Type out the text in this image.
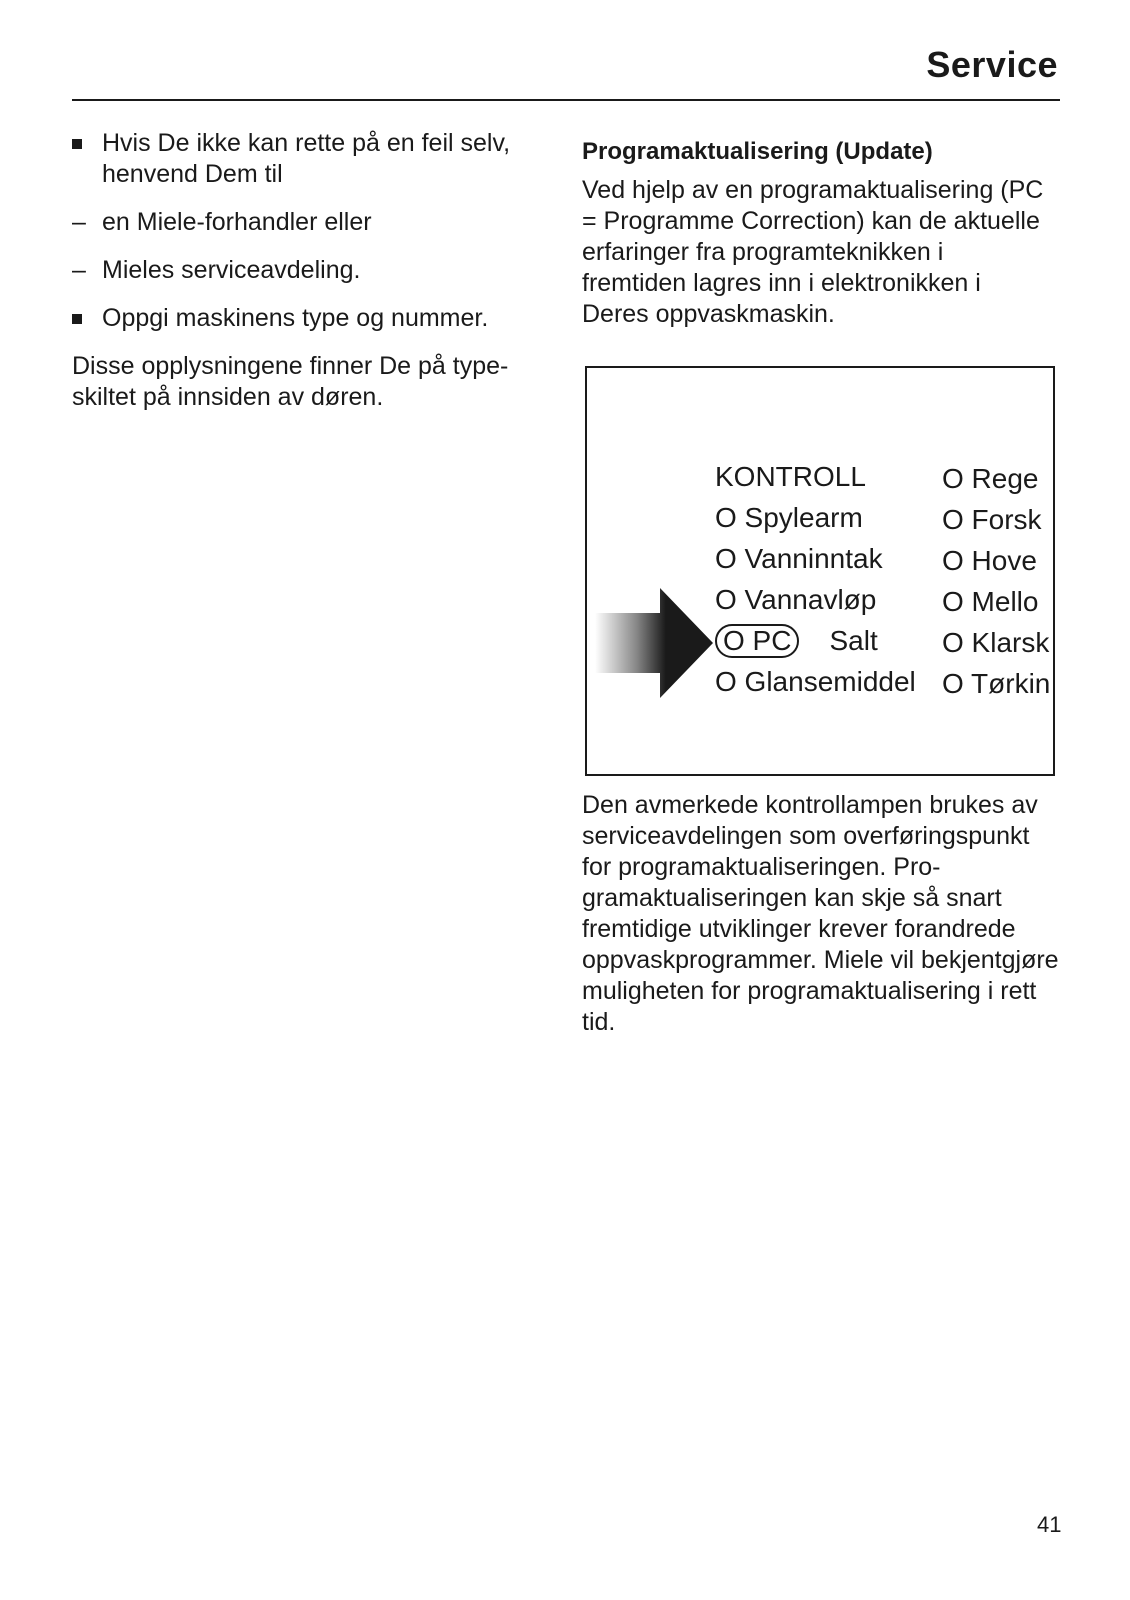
Service
Hvis De ikke kan rette på en feil selv, henvend Dem til
– en Miele-forhandler eller
– Mieles serviceavdeling.
Oppgi maskinens type og nummer.
Disse opplysningene finner De på typeskiltet på innsiden av døren.
Programaktualisering (Update)
Ved hjelp av en programaktualisering (PC = Programme Correction) kan de aktuelle erfaringer fra programteknikken i fremtiden lagres inn i elektronikken i Deres oppvaskmaskin.
KONTROLL
O Spylearm
O Vanninntak
O Vannavløp
O PC Salt
O Glansemiddel
O Rege
O Forsk
O Hove
O Mello
O Klarsk
O Tørkin
Den avmerkede kontrollampen brukes av serviceavdelingen som overføringspunkt for programaktualiseringen. Programaktualiseringen kan skje så snart fremtidige utviklinger krever forandrede oppvaskprogrammer. Miele vil bekjentgjøre muligheten for programaktualisering i rett tid.
41
